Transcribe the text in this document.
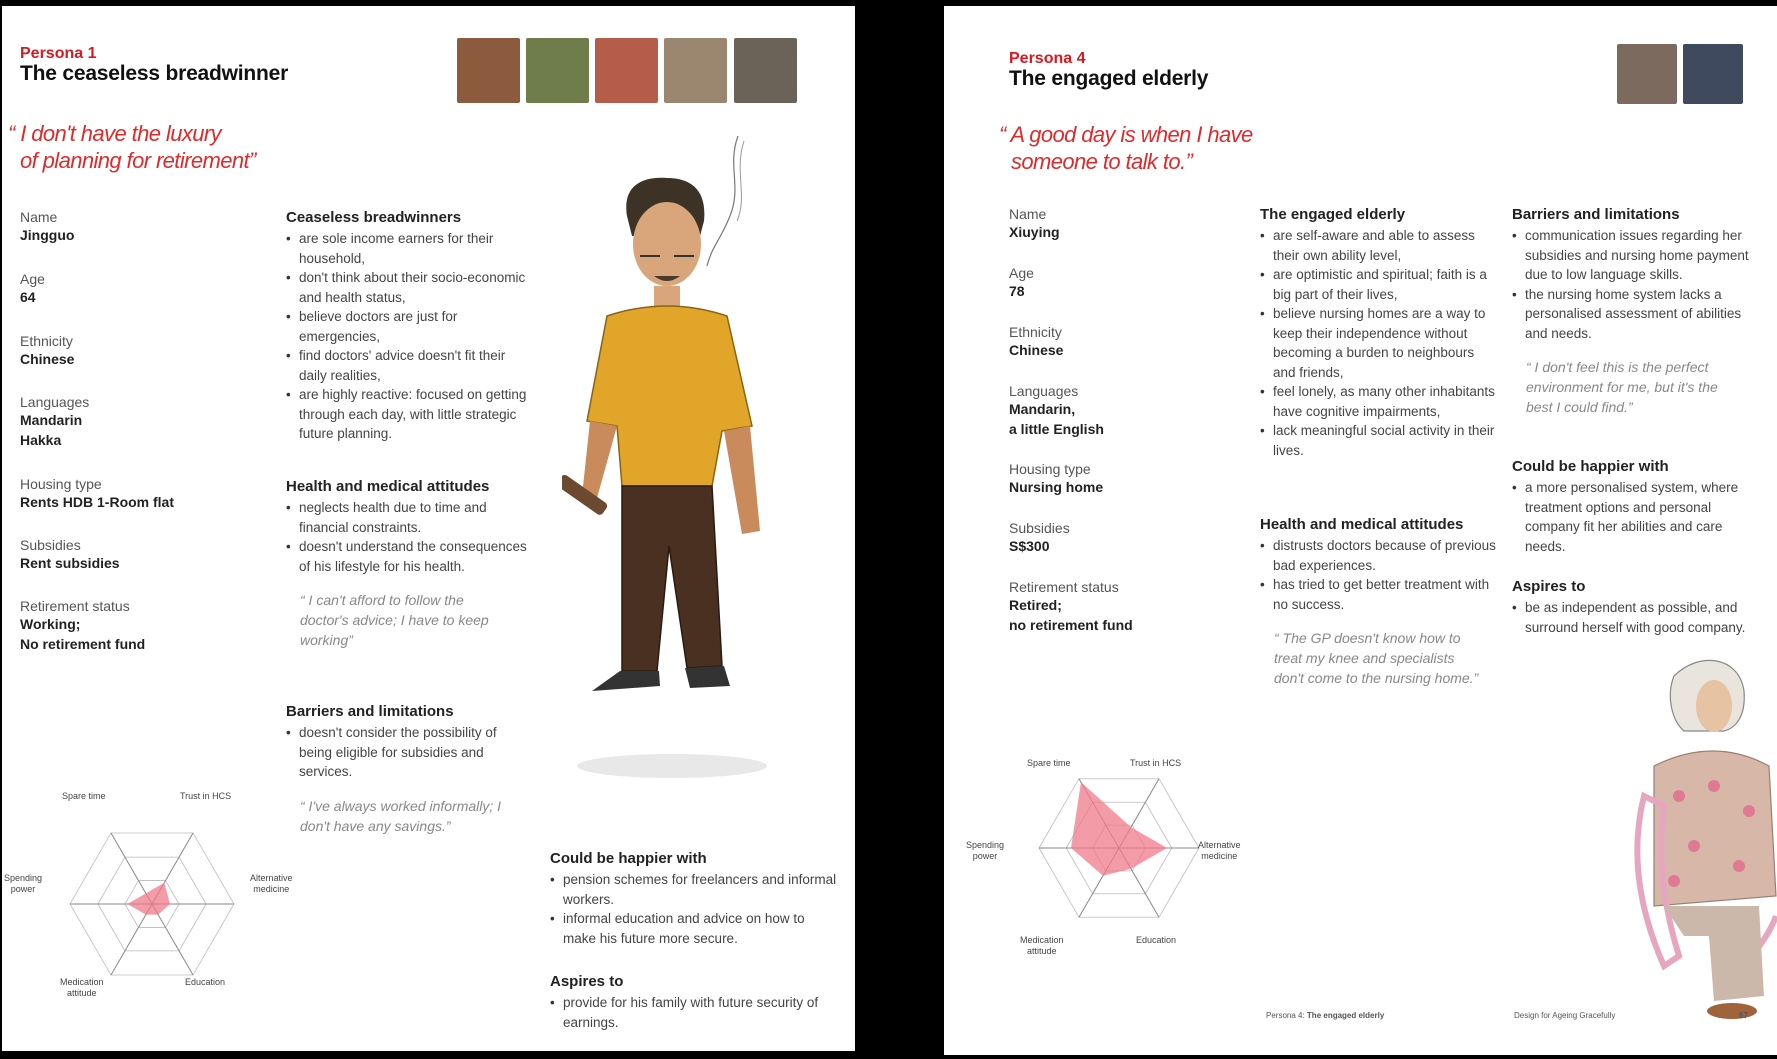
Persona 1
The ceaseless breadwinner
“ I don't have the luxury
of planning for retirement”
Name
Jingguo
Age
64
Ethnicity
Chinese
Languages
Mandarin
Hakka
Housing type
Rents HDB 1-Room flat
Subsidies
Rent subsidies
Retirement status
Working;
No retirement fund
Ceaseless breadwinners
• are sole income earners for their household,
• don't think about their socio-economic and health status,
• believe doctors are just for emergencies,
• find doctors' advice doesn't fit their daily realities,
• are highly reactive: focused on getting through each day, with little strategic future planning.
Health and medical attitudes
• neglects health due to time and financial constraints.
• doesn't understand the consequences of his lifestyle for his health.
“ I can't afford to follow the doctor's advice; I have to keep working”
Barriers and limitations
• doesn't consider the possibility of being eligible for subsidies and services.
“ I've always worked informally; I don't have any savings.”
Could be happier with
• pension schemes for freelancers and informal workers.
• informal education and advice on how to make his future more secure.
Aspires to
• provide for his family with future security of earnings.
Spare time	Trust in HCS
Alternative
medicine
Education
Medication
attitude
Spending
power
Persona 4
The engaged elderly
“ A good day is when I have
someone to talk to.”
Name
Xiuying
Age
78
Ethnicity
Chinese
Languages
Mandarin,
a little English
Housing type
Nursing home
Subsidies
S$300
Retirement status
Retired;
no retirement fund
The engaged elderly
• are self-aware and able to assess their own ability level,
• are optimistic and spiritual; faith is a big part of their lives,
• believe nursing homes are a way to keep their independence without becoming a burden to neighbours and friends,
• feel lonely, as many other inhabitants have cognitive impairments,
• lack meaningful social activity in their lives.
Health and medical attitudes
• distrusts doctors because of previous bad experiences.
• has tried to get better treatment with no success.
“ The GP doesn't know how to treat my knee and specialists don't come to the nursing home.”
Barriers and limitations
• communication issues regarding her subsidies and nursing home payment due to low language skills.
• the nursing home system lacks a personalised assessment of abilities and needs.
“ I don't feel this is the perfect environment for me, but it's the best I could find.”
Could be happier with
• a more personalised system, where treatment options and personal company fit her abilities and care needs.
Aspires to
• be as independent as possible, and surround herself with good company.
Spare time	Trust in HCS
Alternative
medicine
Education
Medication
attitude
Spending
power
Persona 4: The engaged elderly	Design for Ageing Gracefully	67
